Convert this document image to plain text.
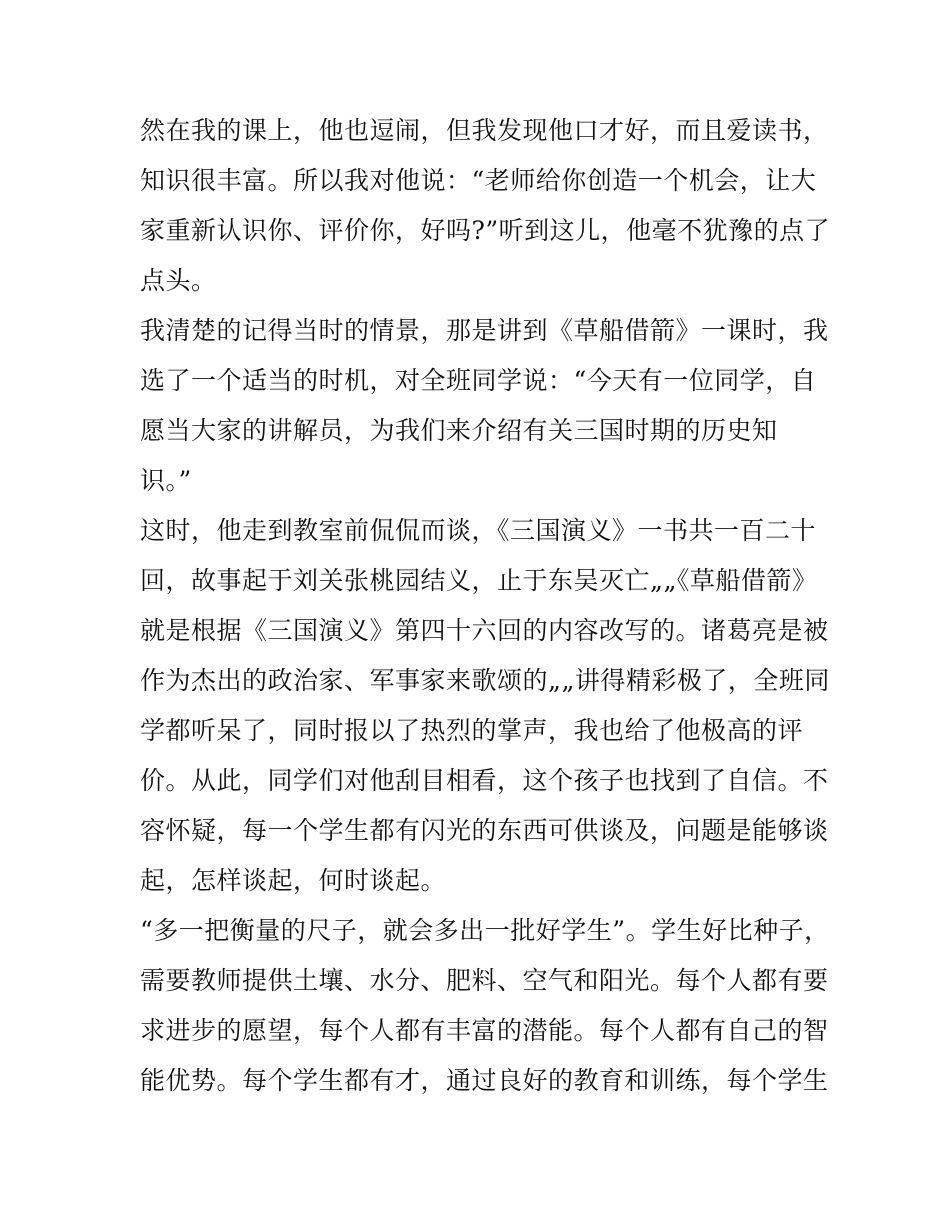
然在我的课上，他也逗闹，但我发现他口才好，而且爱读书，
知识很丰富。所以我对他说：“老师给你创造一个机会，让大
家重新认识你、评价你，好吗?”听到这儿，他毫不犹豫的点了
点头。
我清楚的记得当时的情景，那是讲到《草船借箭》一课时，我
选了一个适当的时机，对全班同学说：“今天有一位同学，自
愿当大家的讲解员，为我们来介绍有关三国时期的历史知
识。”
这时，他走到教室前侃侃而谈，《三国演义》一书共一百二十
回，故事起于刘关张桃园结义，止于东吴灭亡„„《草船借箭》
就是根据《三国演义》第四十六回的内容改写的。诸葛亮是被
作为杰出的政治家、军事家来歌颂的„„讲得精彩极了，全班同
学都听呆了，同时报以了热烈的掌声，我也给了他极高的评
价。从此，同学们对他刮目相看，这个孩子也找到了自信。不
容怀疑，每一个学生都有闪光的东西可供谈及，问题是能够谈
起，怎样谈起，何时谈起。
“多一把衡量的尺子，就会多出一批好学生”。学生好比种子，
需要教师提供土壤、水分、肥料、空气和阳光。每个人都有要
求进步的愿望，每个人都有丰富的潜能。每个人都有自己的智
能优势。每个学生都有才，通过良好的教育和训练，每个学生
